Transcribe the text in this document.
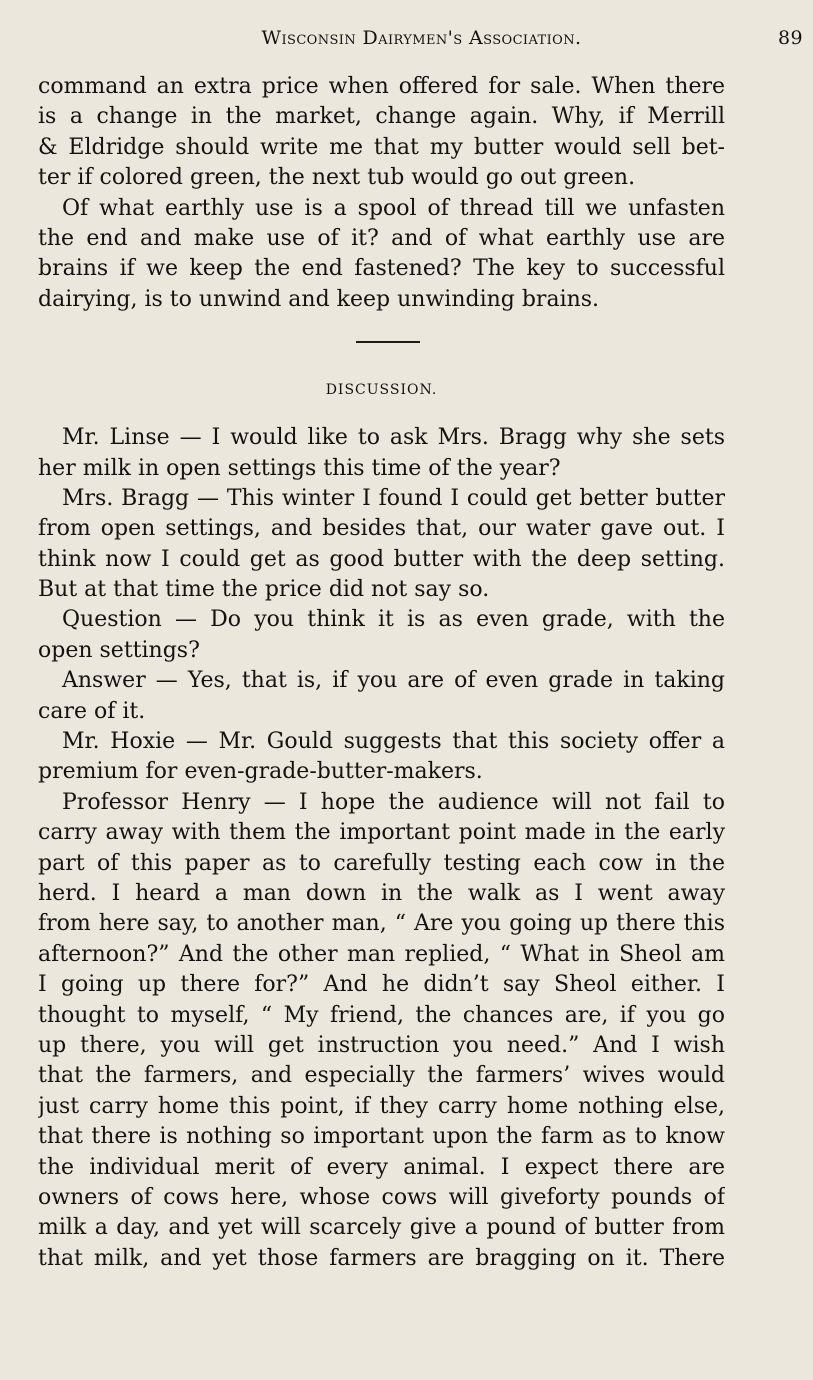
Wisconsin Dairymen's Association.	89
command an extra price when offered for sale. When there
is a change in the market, change again. Why, if Merrill
& Eldridge should write me that my butter would sell bet-
ter if colored green, the next tub would go out green.
Of what earthly use is a spool of thread till we unfasten
the end and make use of it? and of what earthly use are
brains if we keep the end fastened? The key to successful
dairying, is to unwind and keep unwinding brains.
DISCUSSION.
Mr. Linse — I would like to ask Mrs. Bragg why she sets
her milk in open settings this time of the year?
Mrs. Bragg — This winter I found I could get better butter
from open settings, and besides that, our water gave out. I
think now I could get as good butter with the deep setting.
But at that time the price did not say so.
Question — Do you think it is as even grade, with the
open settings?
Answer — Yes, that is, if you are of even grade in taking
care of it.
Mr. Hoxie — Mr. Gould suggests that this society offer a
premium for even-grade-butter-makers.
Professor Henry — I hope the audience will not fail to
carry away with them the important point made in the early
part of this paper as to carefully testing each cow in the
herd. I heard a man down in the walk as I went away
from here say, to another man, “ Are you going up there this
afternoon?” And the other man replied, “ What in Sheol am
I going up there for?” And he didn’t say Sheol either. I
thought to myself, “ My friend, the chances are, if you go
up there, you will get instruction you need.” And I wish
that the farmers, and especially the farmers’ wives would
just carry home this point, if they carry home nothing else,
that there is nothing so important upon the farm as to know
the individual merit of every animal. I expect there are
owners of cows here, whose cows will giveforty pounds of
milk a day, and yet will scarcely give a pound of butter from
that milk, and yet those farmers are bragging on it. There
